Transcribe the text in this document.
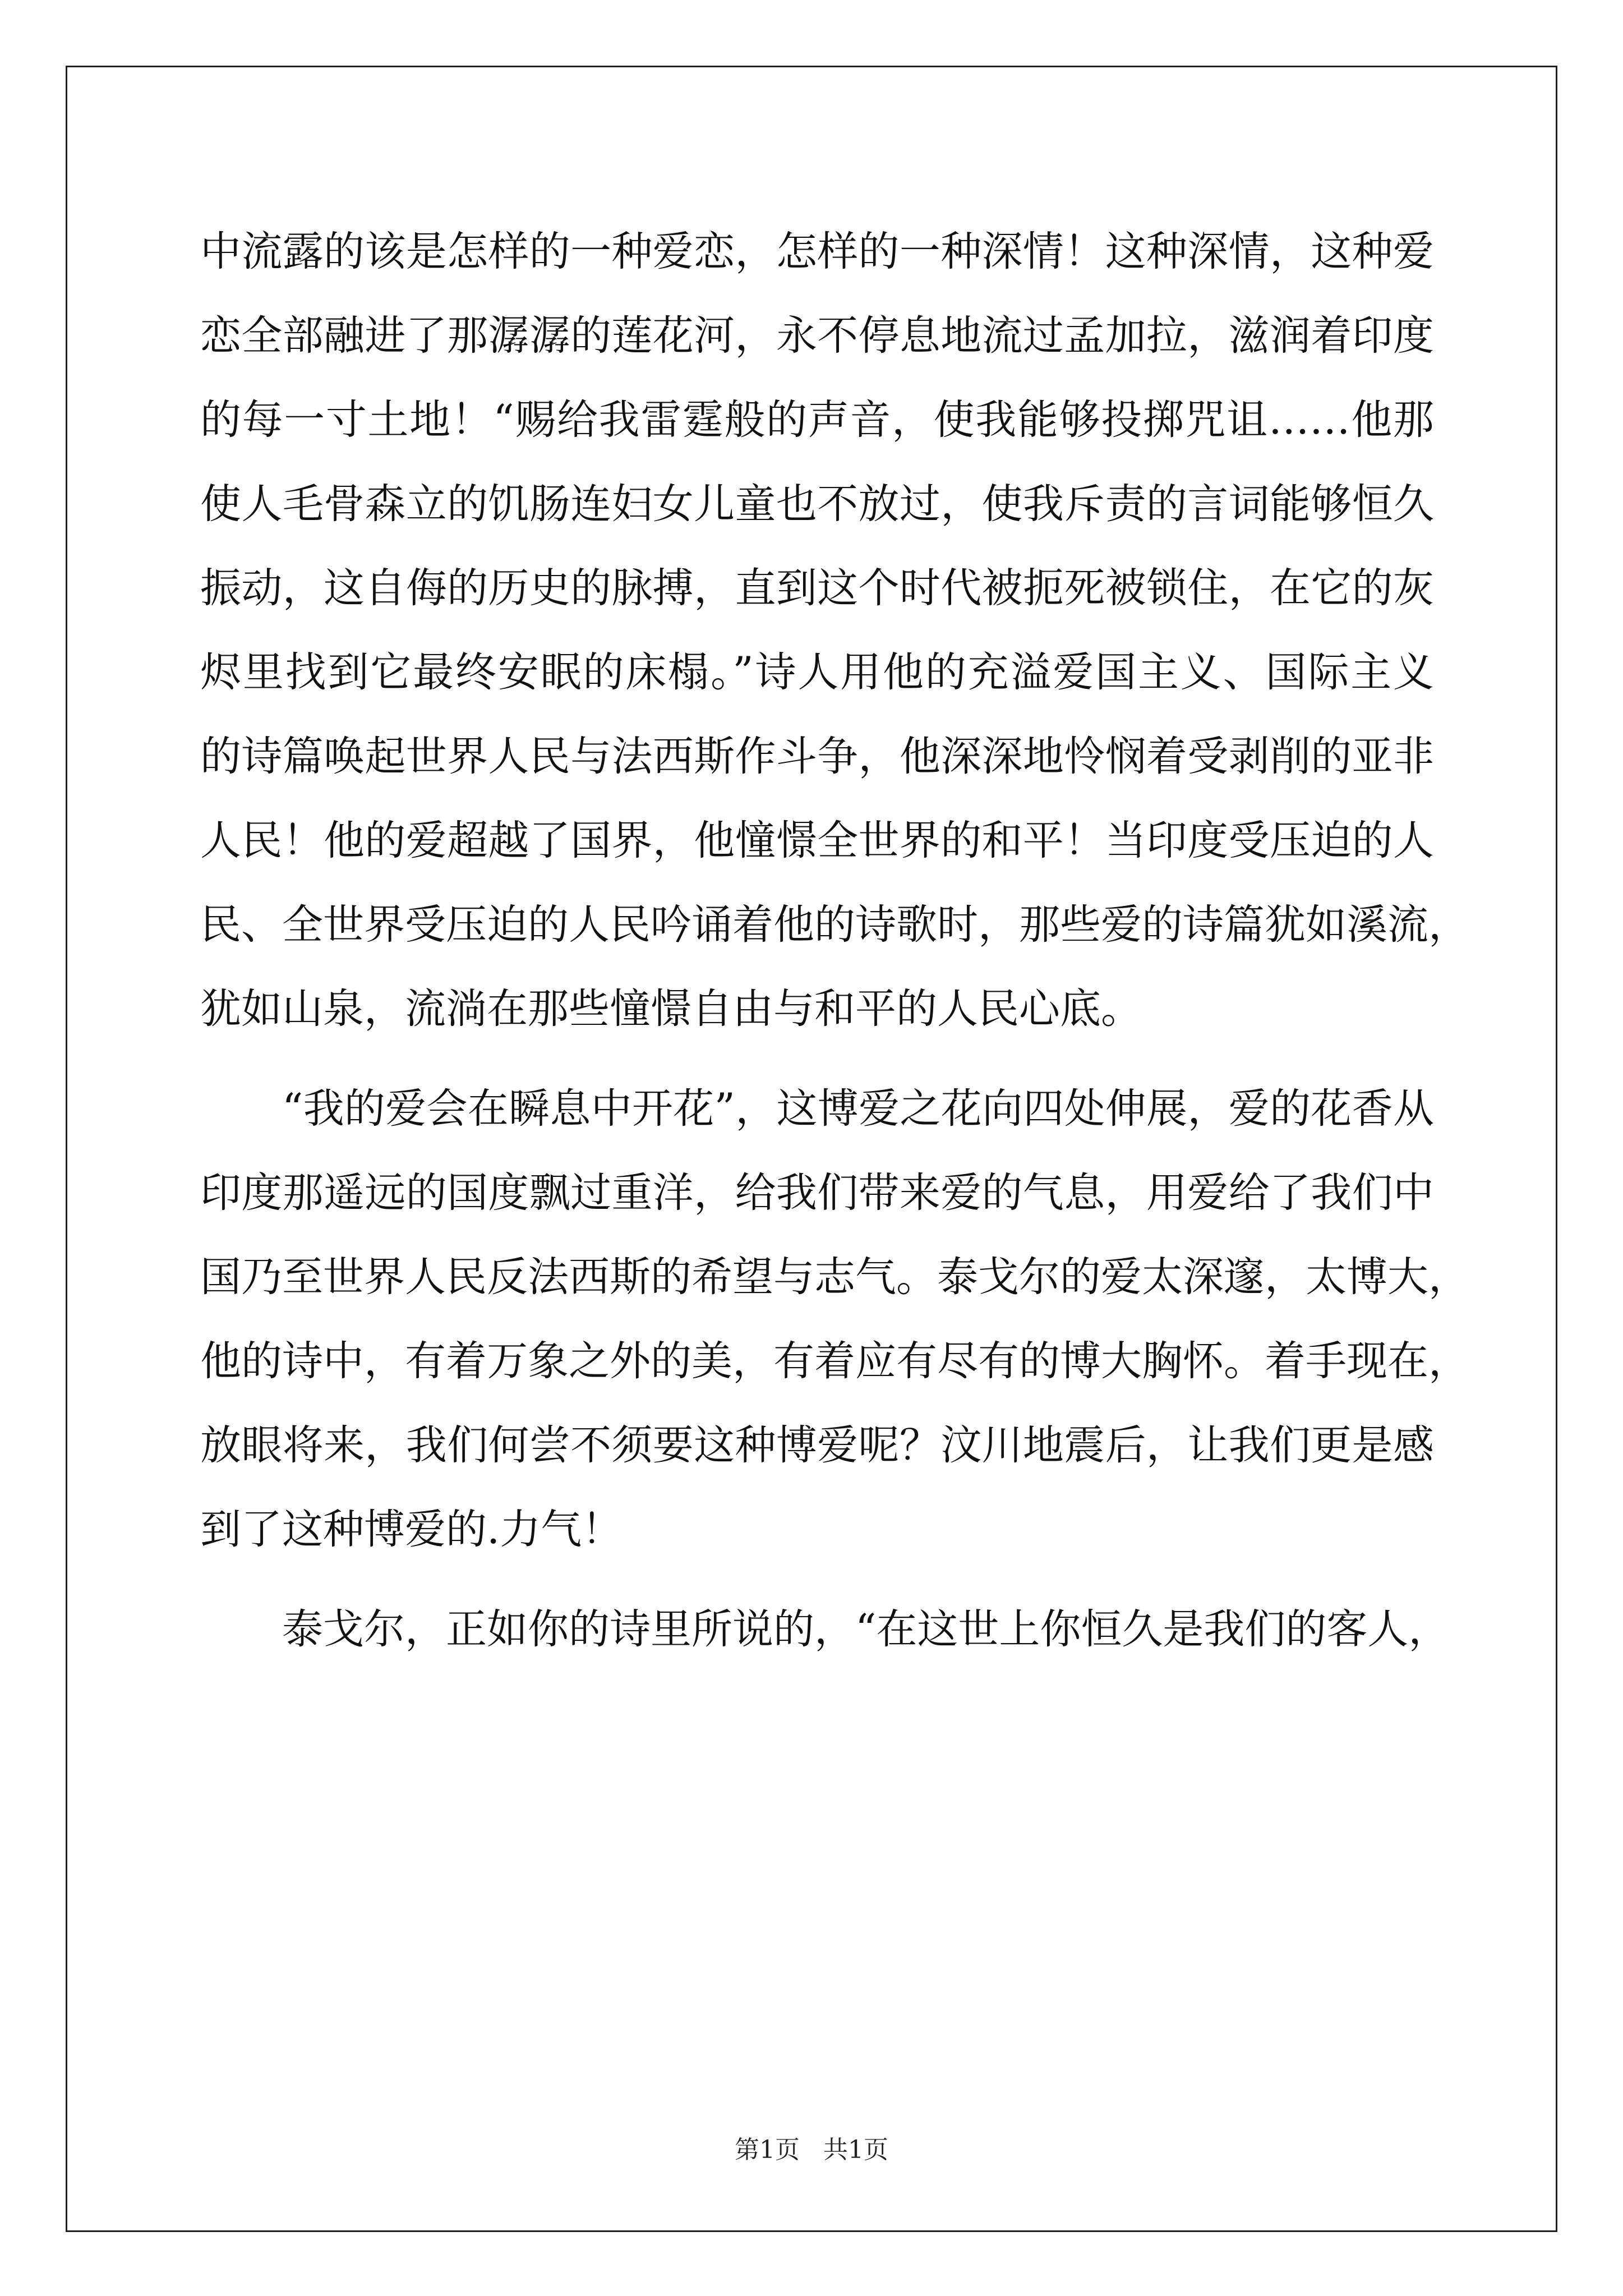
中流露的该是怎样的一种爱恋，怎样的一种深情！这种深情，这种爱
恋全部融进了那潺潺的莲花河，永不停息地流过孟加拉，滋润着印度
的每一寸土地！“赐给我雷霆般的声音，使我能够投掷咒诅……他那
使人毛骨森立的饥肠连妇女儿童也不放过，使我斥责的言词能够恒久
振动，这自侮的历史的脉搏，直到这个时代被扼死被锁住，在它的灰
烬里找到它最终安眠的床榻。”诗人用他的充溢爱国主义、国际主义
的诗篇唤起世界人民与法西斯作斗争，他深深地怜悯着受剥削的亚非
人民！他的爱超越了国界，他憧憬全世界的和平！当印度受压迫的人
民、全世界受压迫的人民吟诵着他的诗歌时，那些爱的诗篇犹如溪流，
犹如山泉，流淌在那些憧憬自由与和平的人民心底。

“我的爱会在瞬息中开花”，这博爱之花向四处伸展，爱的花香从
印度那遥远的国度飘过重洋，给我们带来爱的气息，用爱给了我们中
国乃至世界人民反法西斯的希望与志气。泰戈尔的爱太深邃，太博大，
他的诗中，有着万象之外的美，有着应有尽有的博大胸怀。着手现在，
放眼将来，我们何尝不须要这种博爱呢？汶川地震后，让我们更是感
到了这种博爱的.力气！

泰戈尔，正如你的诗里所说的，“在这世上你恒久是我们的客人，

第1页   共1页
